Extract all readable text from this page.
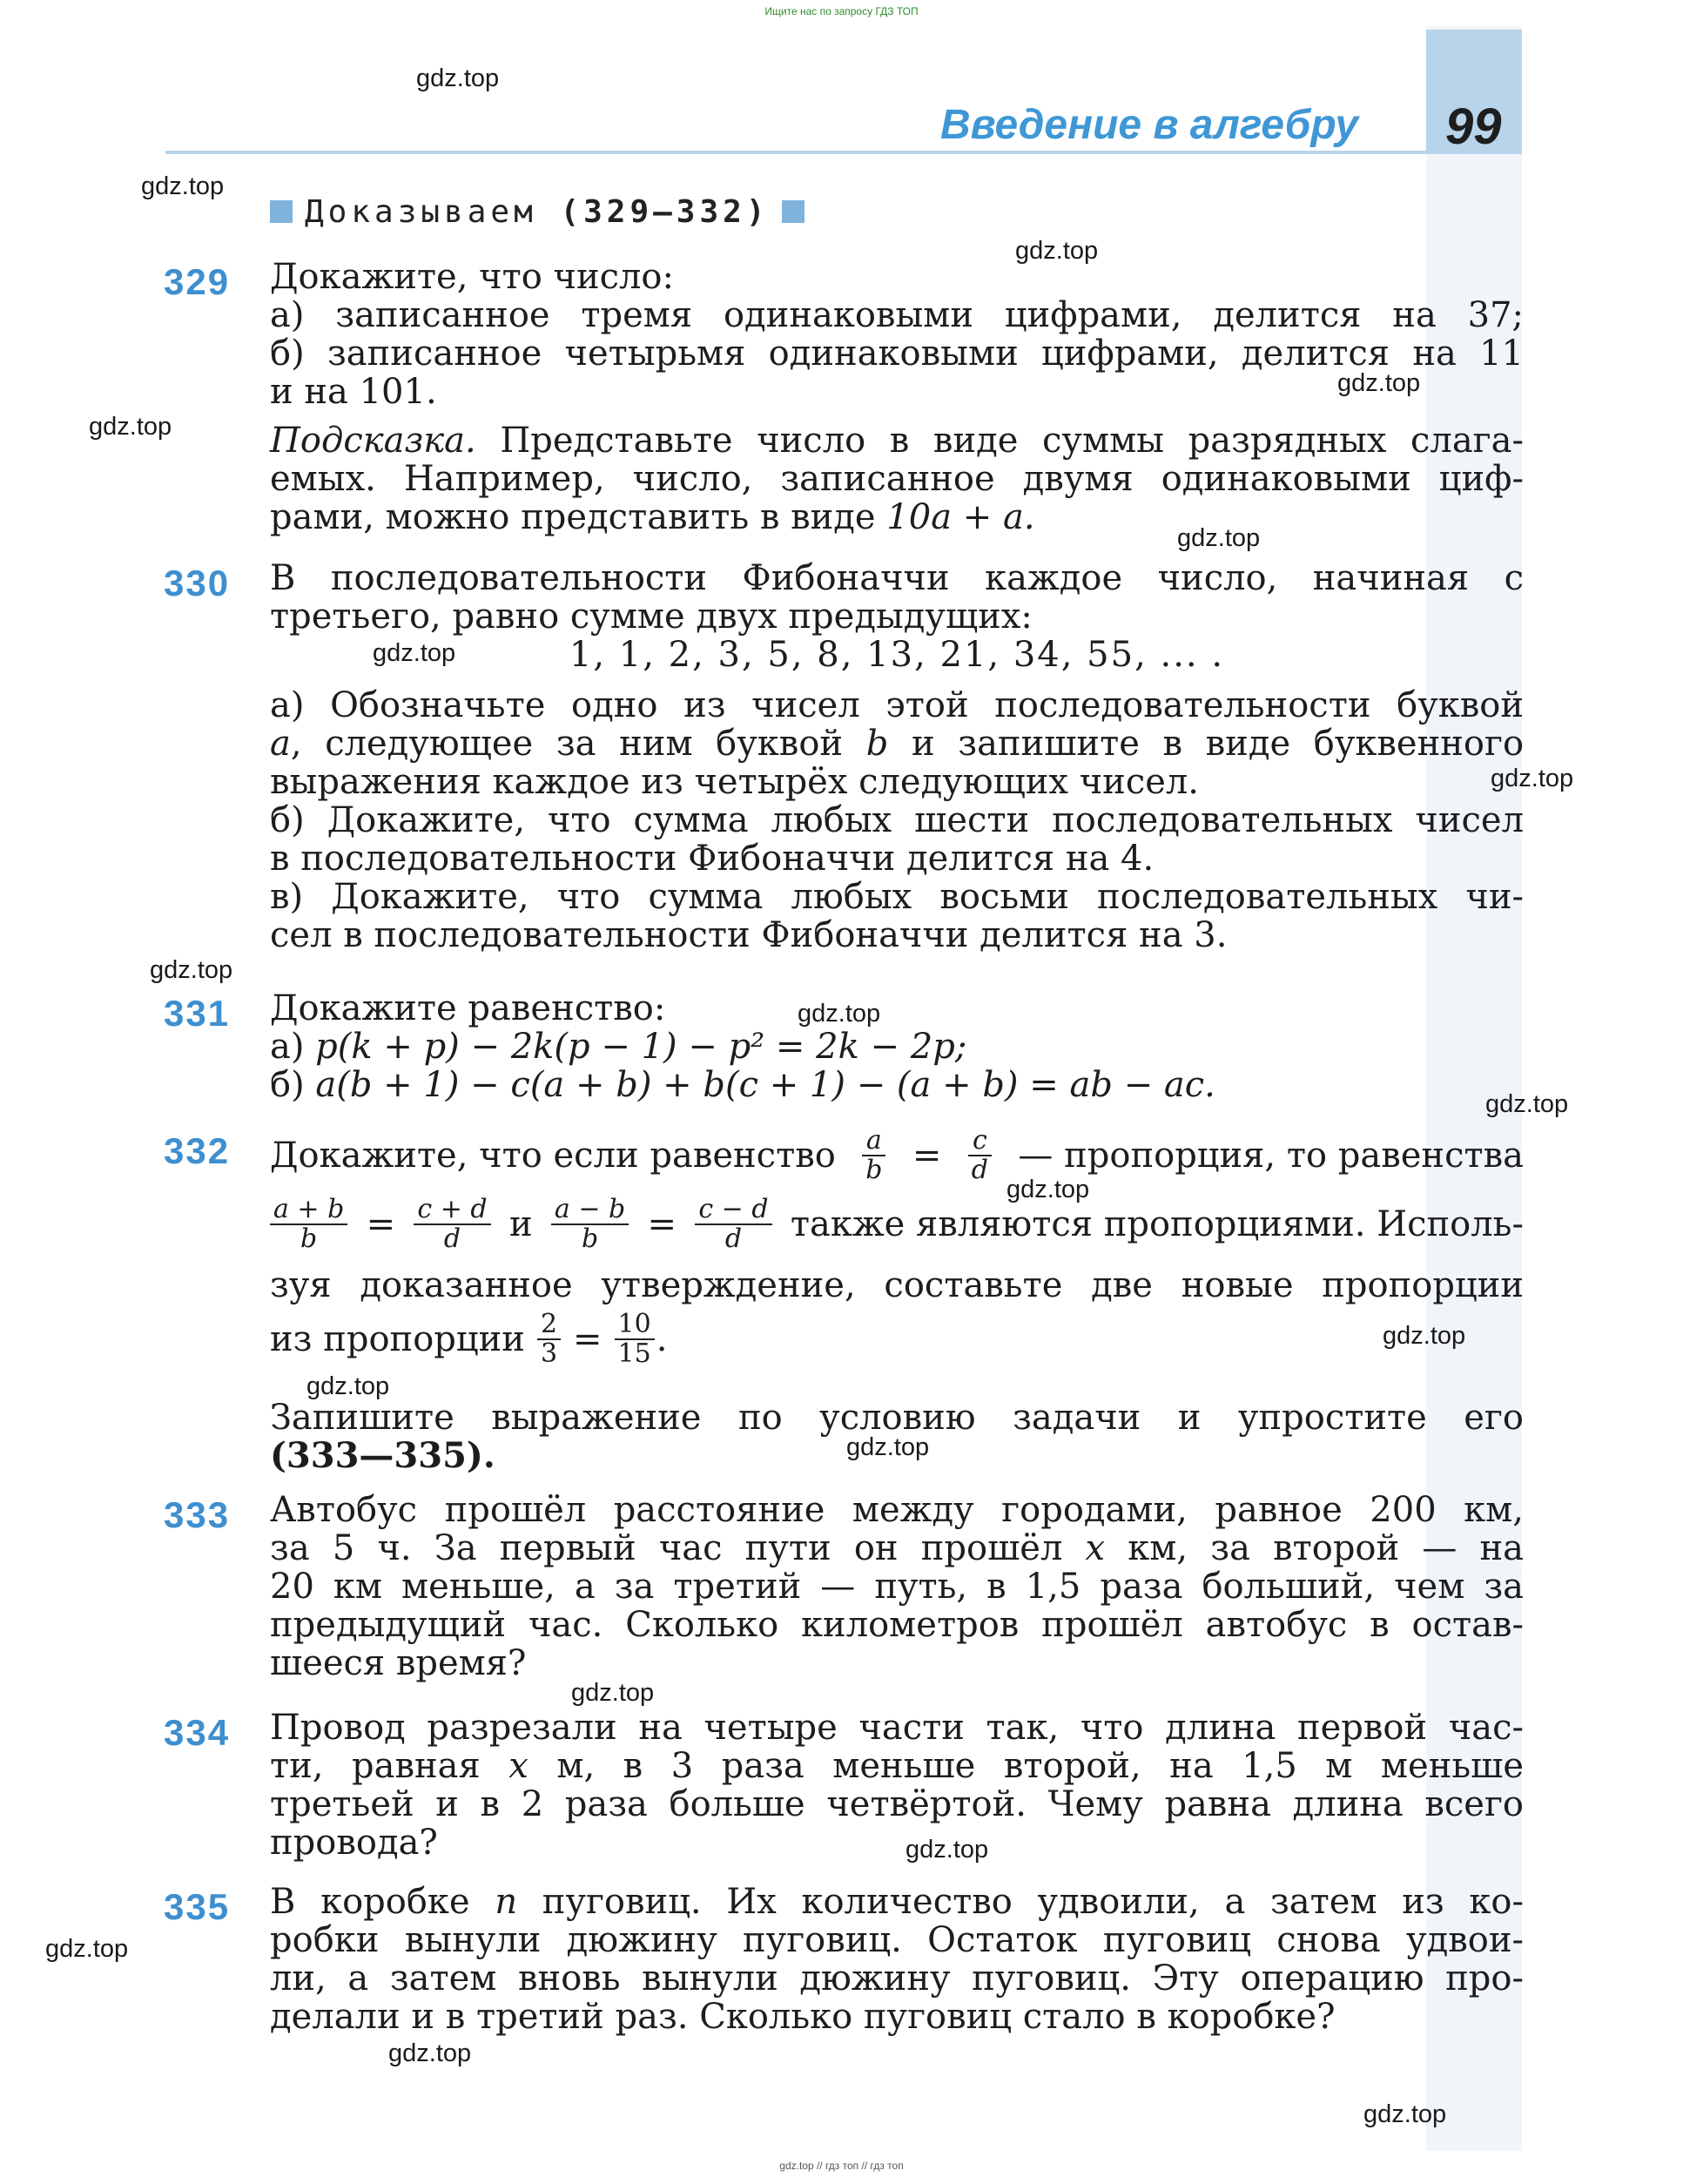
Ищите нас по запросу ГДЗ ТОП
Введение в алгебру 99
Доказываем (329—332)
329 Докажите, что число:
а) записанное тремя одинаковыми цифрами, делится на 37;
б) записанное четырьмя одинаковыми цифрами, делится на 11
и на 101.
Подсказка. Представьте число в виде суммы разрядных слага-
емых. Например, число, записанное двумя одинаковыми циф-
рами, можно представить в виде 10a + a.
330 В последовательности Фибоначчи каждое число, начиная с
третьего, равно сумме двух предыдущих:
1, 1, 2, 3, 5, 8, 13, 21, 34, 55, ... .
а) Обозначьте одно из чисел этой последовательности буквой
a, следующее за ним буквой b и запишите в виде буквенного
выражения каждое из четырёх следующих чисел.
б) Докажите, что сумма любых шести последовательных чисел
в последовательности Фибоначчи делится на 4.
в) Докажите, что сумма любых восьми последовательных чи-
сел в последовательности Фибоначчи делится на 3.
331 Докажите равенство:
а) p(k + p) − 2k(p − 1) − p² = 2k − 2p;
б) a(b + 1) − c(a + b) + b(c + 1) − (a + b) = ab − ac.
332 Докажите, что если равенство $\frac{a}{b} = \frac{c}{d}$ — пропорция, то равенства
$\frac{a + b}{b} = \frac{c + d}{d}$ и $\frac{a - b}{b} = \frac{c - d}{d}$ также являются пропорциями. Исполь-
зуя доказанное утверждение, составьте две новые пропорции
из пропорции $\frac{2}{3} = \frac{10}{15}$ .
Запишите выражение по условию задачи и упростите его
(333—335).
333 Автобус прошёл расстояние между городами, равное 200 км,
за 5 ч. За первый час пути он прошёл x км, за второй — на
20 км меньше, а за третий — путь, в 1,5 раза больший, чем за
предыдущий час. Сколько километров прошёл автобус в остав-
шееся время?
334 Провод разрезали на четыре части так, что длина первой час-
ти, равная x м, в 3 раза меньше второй, на 1,5 м меньше
третьей и в 2 раза больше четвёртой. Чему равна длина всего
провода?
335 В коробке n пуговиц. Их количество удвоили, а затем из ко-
робки вынули дюжину пуговиц. Остаток пуговиц снова удвои-
ли, а затем вновь вынули дюжину пуговиц. Эту операцию про-
делали и в третий раз. Сколько пуговиц стало в коробке?
gdz.top
gdz.top
gdz.top
gdz.top
gdz.top
gdz.top
gdz.top
gdz.top
gdz.top
gdz.top
gdz.top
gdz.top
gdz.top
gdz.top
gdz.top
gdz.top
gdz.top
gdz.top
gdz.top
gdz.top
gdz.top // гдз топ // гдз топ
